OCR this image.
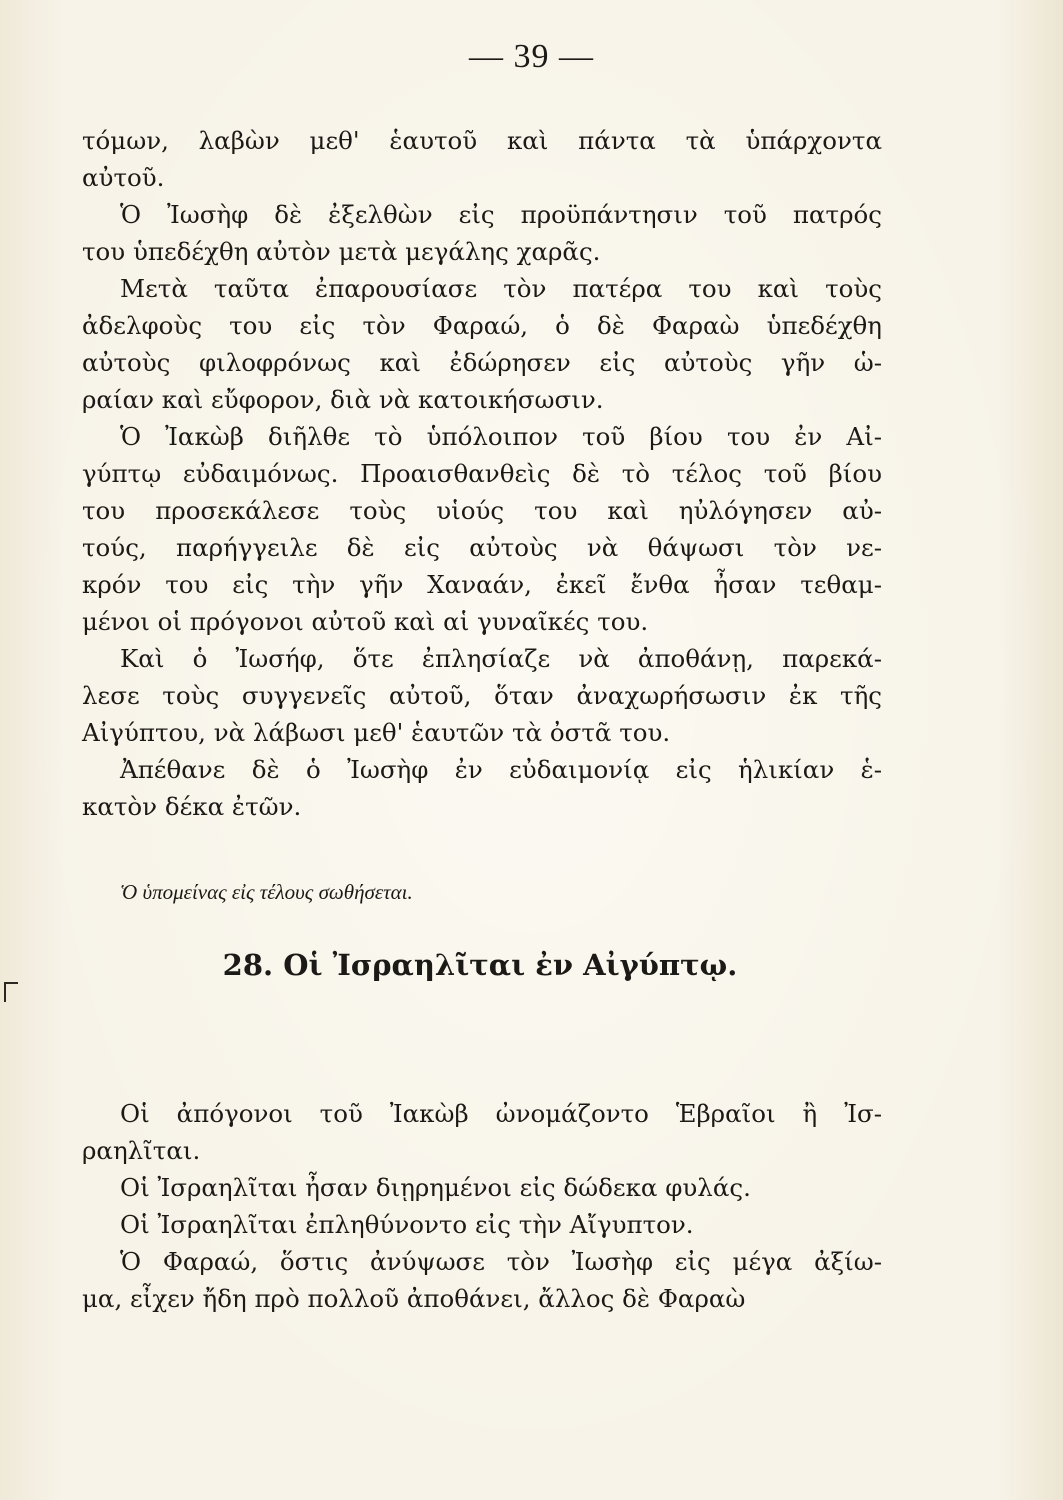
— 39 —
τόμων, λαβὼν μεθ' ἑαυτοῦ καὶ πάντα τὰ ὑπάρχοντα
αὐτοῦ.
Ὁ Ἰωσὴφ δὲ ἐξελθὼν εἰς προϋπάντησιν τοῦ πατρός
του ὑπεδέχθη αὐτὸν μετὰ μεγάλης χαρᾶς.
Μετὰ ταῦτα ἐπαρουσίασε τὸν πατέρα του καὶ τοὺς
ἀδελφοὺς του εἰς τὸν Φαραώ, ὁ δὲ Φαραὼ ὑπεδέχθη
αὐτοὺς φιλοφρόνως καὶ ἐδώρησεν εἰς αὐτοὺς γῆν ὡ-
ραίαν καὶ εὔφορον, διὰ νὰ κατοικήσωσιν.
Ὁ Ἰακὼβ διῆλθε τὸ ὑπόλοιπον τοῦ βίου του ἐν Αἰ-
γύπτῳ εὐδαιμόνως. Προαισθανθεὶς δὲ τὸ τέλος τοῦ βίου
του προσεκάλεσε τοὺς υἱούς του καὶ ηὐλόγησεν αὐ-
τούς, παρήγγειλε δὲ εἰς αὐτοὺς νὰ θάψωσι τὸν νε-
κρόν του εἰς τὴν γῆν Χαναάν, ἐκεῖ ἔνθα ἦσαν τεθαμ-
μένοι οἱ πρόγονοι αὐτοῦ καὶ αἱ γυναῖκές του.
Καὶ ὁ Ἰωσήφ, ὅτε ἐπλησίαζε νὰ ἀποθάνῃ, παρεκά-
λεσε τοὺς συγγενεῖς αὐτοῦ, ὅταν ἀναχωρήσωσιν ἐκ τῆς
Αἰγύπτου, νὰ λάβωσι μεθ' ἑαυτῶν τὰ ὀστᾶ του.
Ἀπέθανε δὲ ὁ Ἰωσὴφ ἐν εὐδαιμονίᾳ εἰς ἡλικίαν ἑ-
κατὸν δέκα ἐτῶν.
Ὁ ὑπομείνας εἰς τέλους σωθήσεται.
28. Οἱ Ἰσραηλῖται ἐν Αἰγύπτῳ.
Οἱ ἀπόγονοι τοῦ Ἰακὼβ ὠνομάζοντο Ἑβραῖοι ἢ Ἰσ-
ραηλῖται.
Οἱ Ἰσραηλῖται ἦσαν διῃρημένοι εἰς δώδεκα φυλάς.
Οἱ Ἰσραηλῖται ἐπληθύνοντο εἰς τὴν Αἴγυπτον.
Ὁ Φαραώ, ὅστις ἀνύψωσε τὸν Ἰωσὴφ εἰς μέγα ἀξίω-
μα, εἶχεν ἤδη πρὸ πολλοῦ ἀποθάνει, ἄλλος δὲ Φαραὼ
